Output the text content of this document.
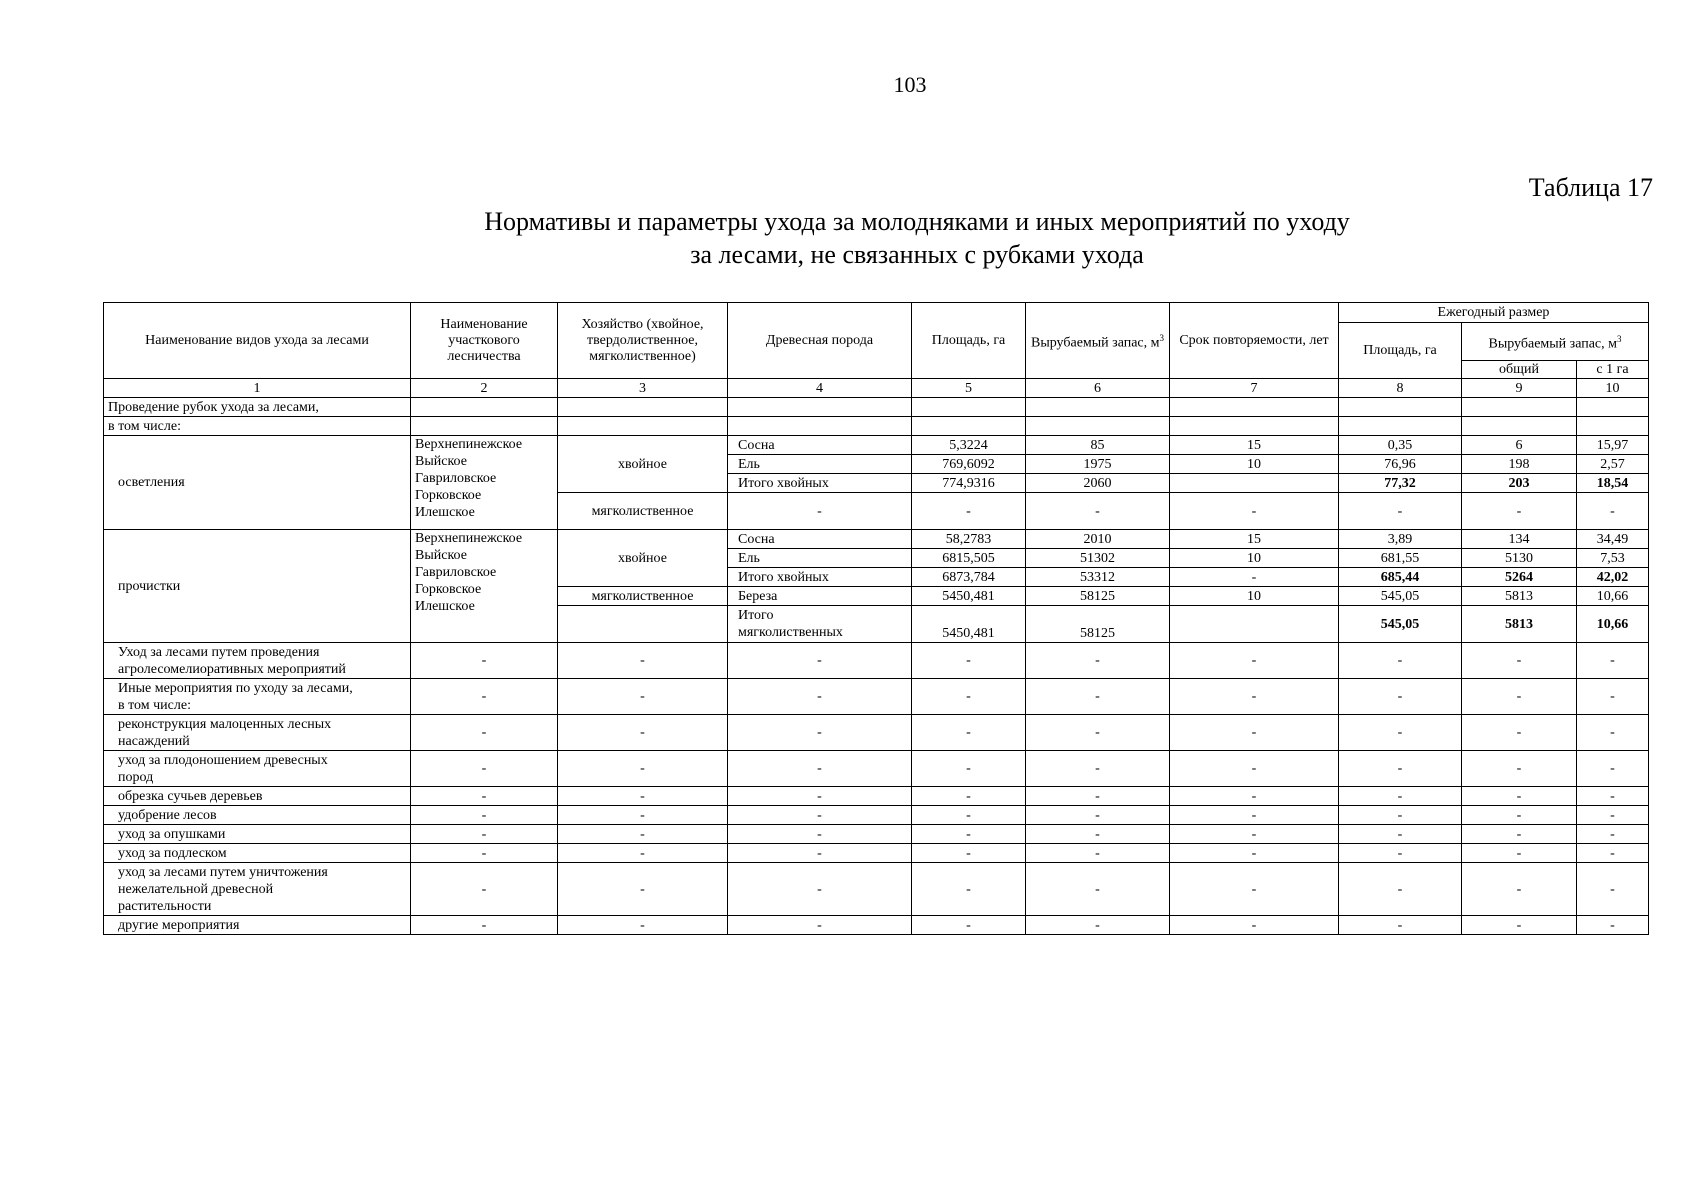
103
Таблица 17
Нормативы и параметры ухода за молодняками и иных мероприятий по уходу
за лесами, не связанных с рубками ухода
Наименование видов ухода за лесами	Наименование участкового лесничества	Хозяйство (хвойное, твердолиственное, мягколиственное)	Древесная порода	Площадь, га	Вырубаемый запас, $м^3$	Срок повторяемости, лет	Ежегодный размер		
							Площадь, га	Вырубаемый запас, $м^3$
								общий	с 1 га
1	2	3	4	5	6	7	8	9	10
Проведение рубок ухода за лесами,									
в том числе:									
осветления	Верхнепинежское
Выйское
Гавриловское
Горковское
Илешское	хвойное	Сосна	5,3224	85	15	0,35	6	15,97
			Ель	769,6092	1975	10	76,96	198	2,57
			Итого хвойных	774,9316	2060		77,32	203	18,54
		мягколиственное	-	-	-	-	-	-	-
прочистки	Верхнепинежское
Выйское
Гавриловское
Горковское
Илешское	хвойное	Сосна	58,2783	2010	15	3,89	134	34,49
			Ель	6815,505	51302	10	681,55	5130	7,53
			Итого хвойных	6873,784	53312	-	685,44	5264	42,02
		мягколиственное	Береза	5450,481	58125	10	545,05	5813	10,66

			Итого
мягколиственных	5450,481	58125		545,05	5813	10,66

Уход за лесами путем проведения
агролесомелиоративных мероприятий	-	-	-	-	-	-	-	-	-

Иные мероприятия по уходу за лесами,
в том числе:	-	-	-	-	-	-	-	-	-

реконструкция малоценных лесных
насаждений	-	-	-	-	-	-	-	-	-

уход за плодоношением древесных
пород	-	-	-	-	-	-	-	-	-

обрезка сучьев деревьев	-	-	-	-	-	-	-	-	-

удобрение лесов	-	-	-	-	-	-	-	-	-

уход за опушками	-	-	-	-	-	-	-	-	-

уход за подлеском	-	-	-	-	-	-	-	-	-

уход за лесами путем уничтожения
нежелательной древесной
растительности	-	-	-	-	-	-	-	-	-

другие мероприятия	-	-	-	-	-	-	-	-	-
